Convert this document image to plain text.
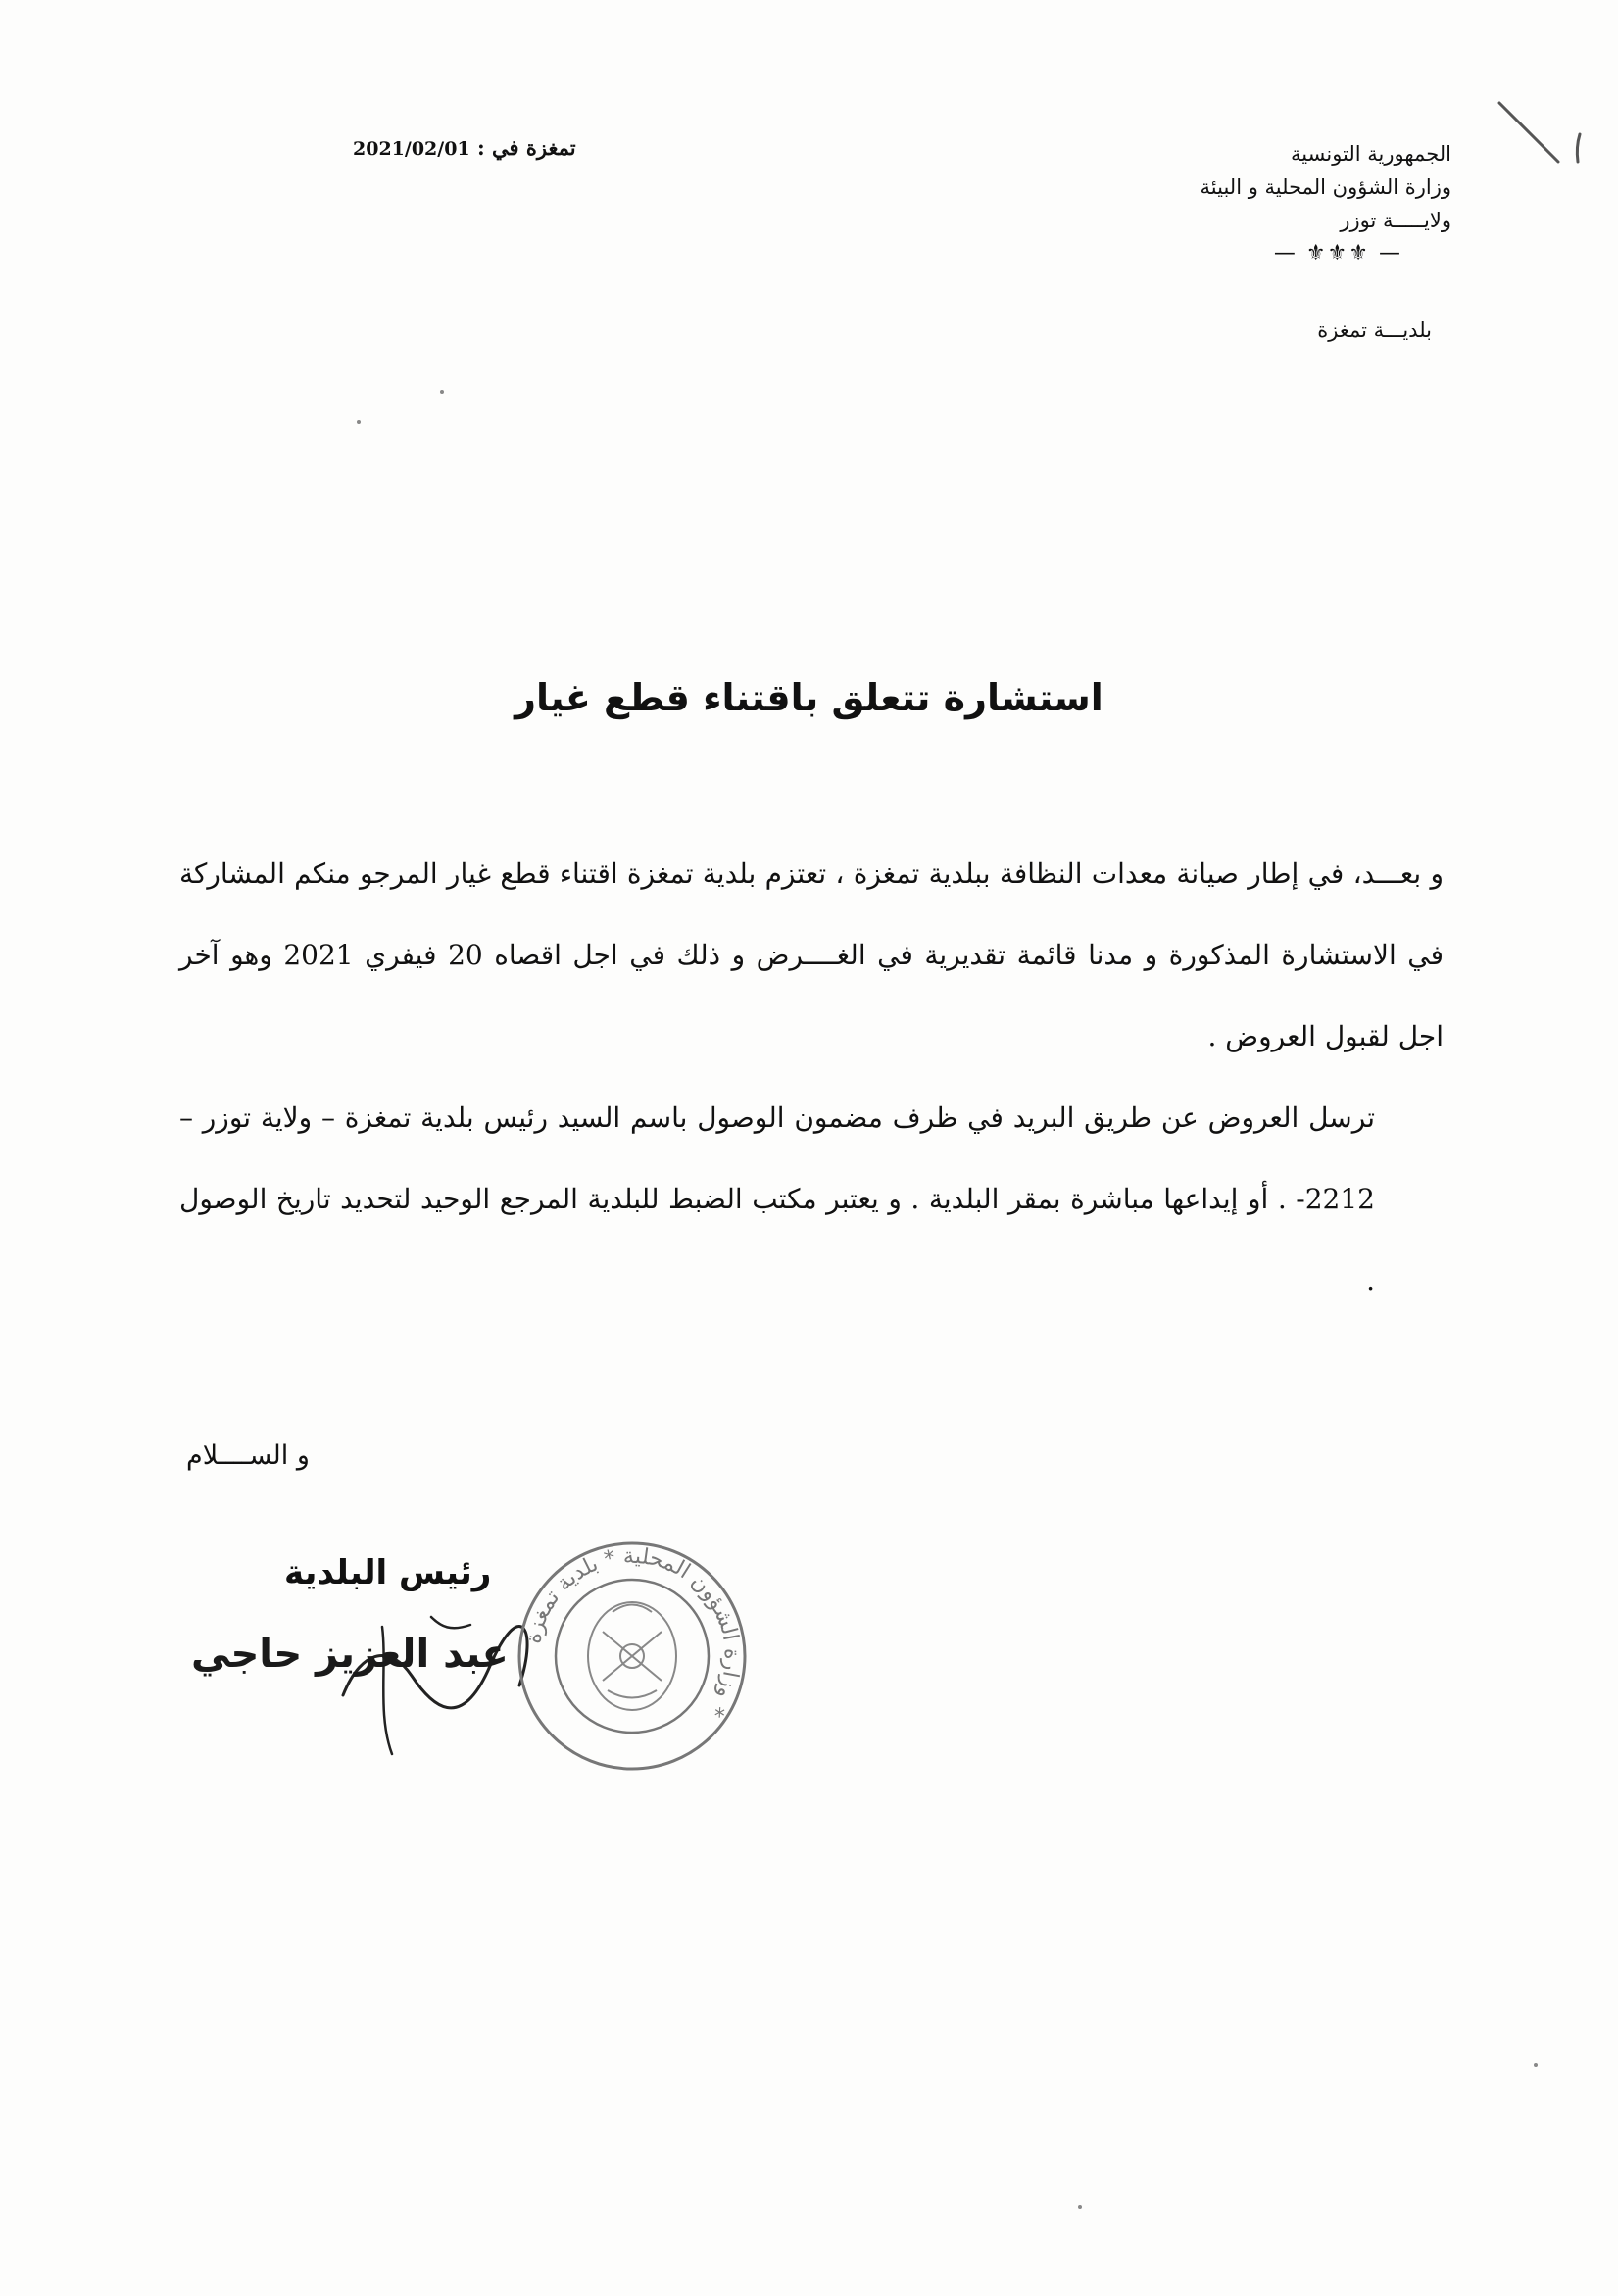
الجمهورية التونسية
وزارة الشؤون المحلية و البيئة
ولايـــــة توزر
— ⚜⚜⚜ —
بلديـــة تمغزة
تمغزة في : 2021/02/01
استشارة تتعلق باقتناء قطع غيار

و بعـــد، في إطار صيانة معدات النظافة ببلدية تمغزة ، تعتزم بلدية تمغزة اقتناء قطع غيار المرجو منكم المشاركة في الاستشارة المذكورة و مدنا قائمة تقديرية في الغــــرض و ذلك في اجل اقصاه 20 فيفري 2021 وهو آخر اجل لقبول العروض .

ترسل العروض عن طريق البريد في ظرف مضمون الوصول باسم السيد رئيس بلدية تمغزة – ولاية توزر –2212- . أو إيداعها مباشرة بمقر البلدية . و يعتبر مكتب الضبط للبلدية المرجع الوحيد لتحديد تاريخ الوصول .

و الســــلام
رئيس البلدية
عبد العزيز حاجي وزارة الشؤون المحلية * بلدية تمغزة *
